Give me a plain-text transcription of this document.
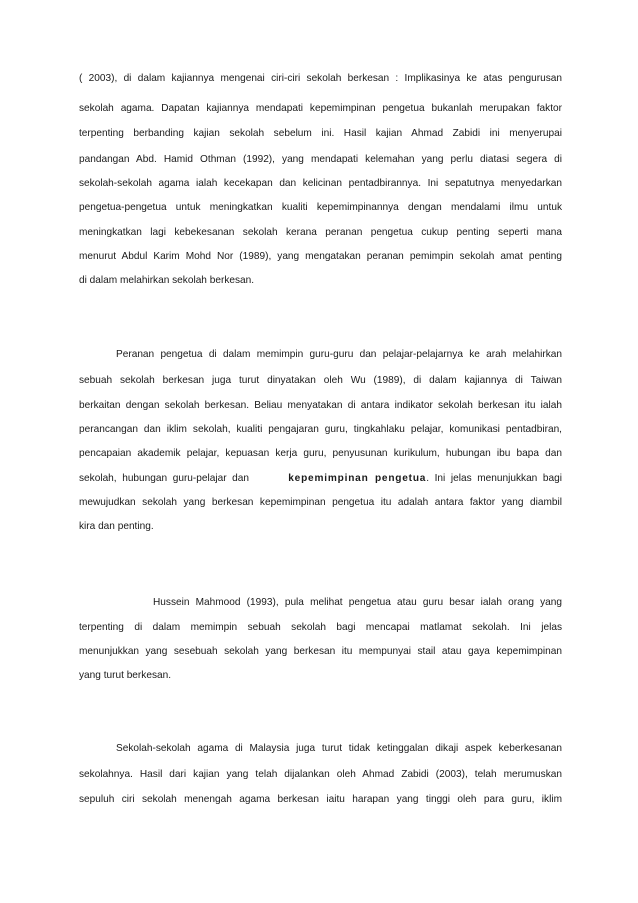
( 2003), di dalam kajiannya mengenai ciri-ciri sekolah berkesan : Implikasinya ke atas pengurusan
sekolah agama. Dapatan kajiannya mendapati kepemimpinan pengetua bukanlah merupakan faktor
terpenting berbanding kajian sekolah sebelum ini. Hasil kajian Ahmad Zabidi ini menyerupai
pandangan Abd. Hamid Othman (1992), yang mendapati kelemahan yang perlu diatasi segera di
sekolah-sekolah agama ialah kecekapan dan kelicinan pentadbirannya. Ini sepatutnya menyedarkan
pengetua-pengetua untuk meningkatkan kualiti kepemimpinannya dengan mendalami ilmu untuk
meningkatkan lagi kebekesanan sekolah kerana peranan pengetua cukup penting seperti mana
menurut Abdul Karim Mohd Nor (1989), yang mengatakan peranan pemimpin sekolah amat penting
di dalam melahirkan sekolah berkesan.
Peranan pengetua di dalam memimpin guru-guru dan pelajar-pelajarnya ke arah melahirkan
sebuah sekolah berkesan juga turut dinyatakan oleh Wu (1989), di dalam kajiannya di Taiwan
berkaitan dengan sekolah berkesan. Beliau menyatakan di antara indikator sekolah berkesan itu ialah
perancangan dan iklim sekolah, kualiti pengajaran guru, tingkahlaku pelajar, komunikasi pentadbiran,
pencapaian akademik pelajar, kepuasan kerja guru, penyusunan kurikulum, hubungan ibu bapa dan
sekolah, hubungan guru-pelajar dan	kepemimpinan pengetua. Ini jelas menunjukkan bagi
mewujudkan sekolah yang berkesan kepemimpinan pengetua itu adalah antara faktor yang diambil
kira dan penting.
Hussein Mahmood (1993), pula melihat pengetua atau guru besar ialah orang yang
terpenting di dalam memimpin sebuah sekolah bagi mencapai matlamat sekolah. Ini jelas
menunjukkan yang sesebuah sekolah yang berkesan itu mempunyai stail atau gaya kepemimpinan
yang turut berkesan.
Sekolah-sekolah agama di Malaysia juga turut tidak ketinggalan dikaji aspek keberkesanan
sekolahnya. Hasil dari kajian yang telah dijalankan oleh Ahmad Zabidi (2003), telah merumuskan
sepuluh ciri sekolah menengah agama berkesan iaitu harapan yang tinggi oleh para guru, iklim
